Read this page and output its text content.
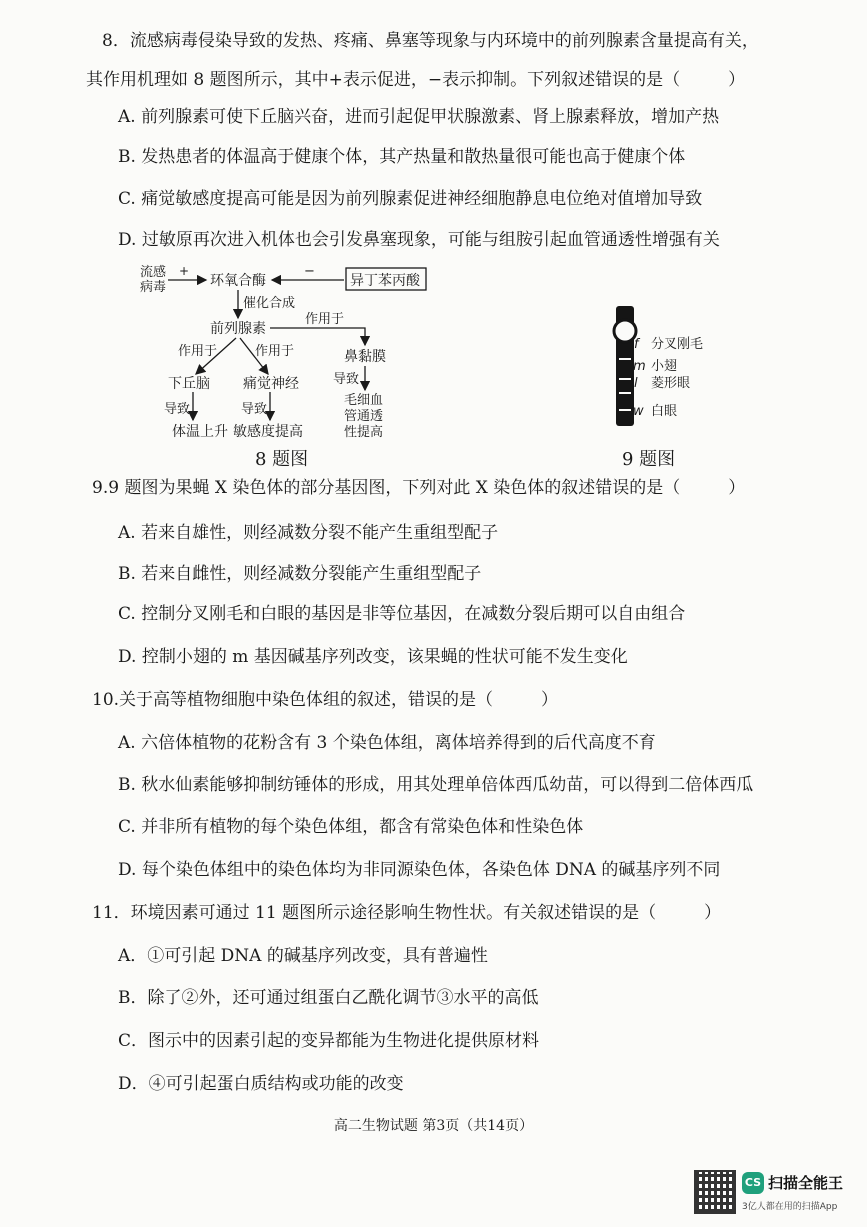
8．流感病毒侵染导致的发热、疼痛、鼻塞等现象与内环境中的前列腺素含量提高有关，
其作用机理如 8 题图所示，其中+表示促进，−表示抑制。下列叙述错误的是（	）
A. 前列腺素可使下丘脑兴奋，进而引起促甲状腺激素、肾上腺素释放，增加产热
B. 发热患者的体温高于健康个体，其产热量和散热量很可能也高于健康个体
C. 痛觉敏感度提高可能是因为前列腺素促进神经细胞静息电位绝对值增加导致
D. 过敏原再次进入机体也会引发鼻塞现象，可能与组胺引起血管通透性增强有关
流感
病毒
+
环氧合酶
−
异丁苯丙酸
催化合成
前列腺素
作用于
作用于	作用于
下丘脑 痛觉神经
鼻黏膜
导致	导致
导致
体温上升 敏感度提高
毛细血
管通透
性提高
f 分叉刚毛
m 小翅
l 菱形眼
w 白眼
8 题图	9 题图
9.9 题图为果蝇 X 染色体的部分基因图，下列对此 X 染色体的叙述错误的是（	）
A. 若来自雄性，则经减数分裂不能产生重组型配子
B. 若来自雌性，则经减数分裂能产生重组型配子
C. 控制分叉刚毛和白眼的基因是非等位基因，在减数分裂后期可以自由组合
D. 控制小翅的 m 基因碱基序列改变，该果蝇的性状可能不发生变化
10.关于高等植物细胞中染色体组的叙述，错误的是（	）
A. 六倍体植物的花粉含有 3 个染色体组，离体培养得到的后代高度不育
B. 秋水仙素能够抑制纺锤体的形成，用其处理单倍体西瓜幼苗，可以得到二倍体西瓜
C. 并非所有植物的每个染色体组，都含有常染色体和性染色体
D. 每个染色体组中的染色体均为非同源染色体，各染色体 DNA 的碱基序列不同
11．环境因素可通过 11 题图所示途径影响生物性状。有关叙述错误的是（	）
A．①可引起 DNA 的碱基序列改变，具有普遍性
B．除了②外，还可通过组蛋白乙酰化调节③水平的高低
C．图示中的因素引起的变异都能为生物进化提供原材料
D．④可引起蛋白质结构或功能的改变
高二生物试题 第3页（共14页）
CS 扫描全能王
3亿人都在用的扫描App
